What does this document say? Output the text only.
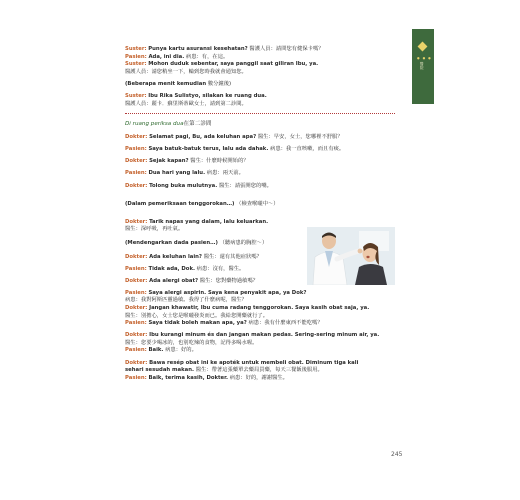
● ● ●
醫院
Suster: Punya kartu asuransi kesehatan? 醫護人員：請問您有健保卡嗎？
Pasien: Ada, ini dia. 病患：有，在這。
Suster: Mohon duduk sebentar, saya panggil saat giliran Ibu, ya.
醫護人員：請您稍坐一下，輪到您時我就會通知您。
(Beberapa menit kemudian 數分鐘後)
Suster: Ibu Rika Sulistyo, silakan ke ruang dua.
醫護人員：麗卡．蘇里斯蒂歐女士，請到第二診間。
Di ruang periksa dua在第二診間
Dokter: Selamat pagi, Bu, ada keluhan apa? 醫生：早安，女士，您哪裡不舒服？
Pasien: Saya batuk-batuk terus, lalu ada dahak. 病患：我一直咳嗽，而且有痰。
Dokter: Sejak kapan? 醫生：什麼時候開始的？
Pasien: Dua hari yang lalu. 病患：兩天前。
Dokter: Tolong buka mulutnya. 醫生：請張開您的嘴。
(Dalam pemeriksaan tenggorokan…) （檢查喉嚨中～）
Dokter: Tarik napas yang dalam, lalu keluarkan.
醫生：深呼吸，再吐氣。
(Mendengarkan dada pasien…) （聽病患的胸腔～）
Dokter: Ada keluhan lain? 醫生：還有其他症狀嗎？
Pasien: Tidak ada, Dok. 病患：沒有，醫生。
Dokter: Ada alergi obat? 醫生：您對藥物過敏嗎？
Pasien: Saya alergi aspirin. Saya kena penyakit apa, ya Dok?
病患：我對阿斯匹靈過敏。我得了什麼病呢，醫生？
Dokter: Jangan khawatir, Ibu cuma radang tenggorokan. Saya kasih obat saja, ya.
醫生：別擔心，女士您是喉嚨發炎而已。我給您開藥就行了。
Pasien: Saya tidak boleh makan apa, ya? 病患：我有什麼東西不能吃嗎？
Dokter: Ibu kurangi minum és dan jangan makan pedas. Sering-sering minum air, ya.
醫生：您要少喝冰的，也別吃辣的食物，記得多喝水喔。
Pasien: Baik. 病患：好的。
Dokter: Bawa resép obat ini ke apoték untuk membeli obat. Diminum tiga kali
sehari sesudah makan. 醫生：帶著這張藥單去藥局買藥，每天三餐飯後服用。
Pasien: Baik, terima kasih, Dokter. 病患：好的，謝謝醫生。
245
